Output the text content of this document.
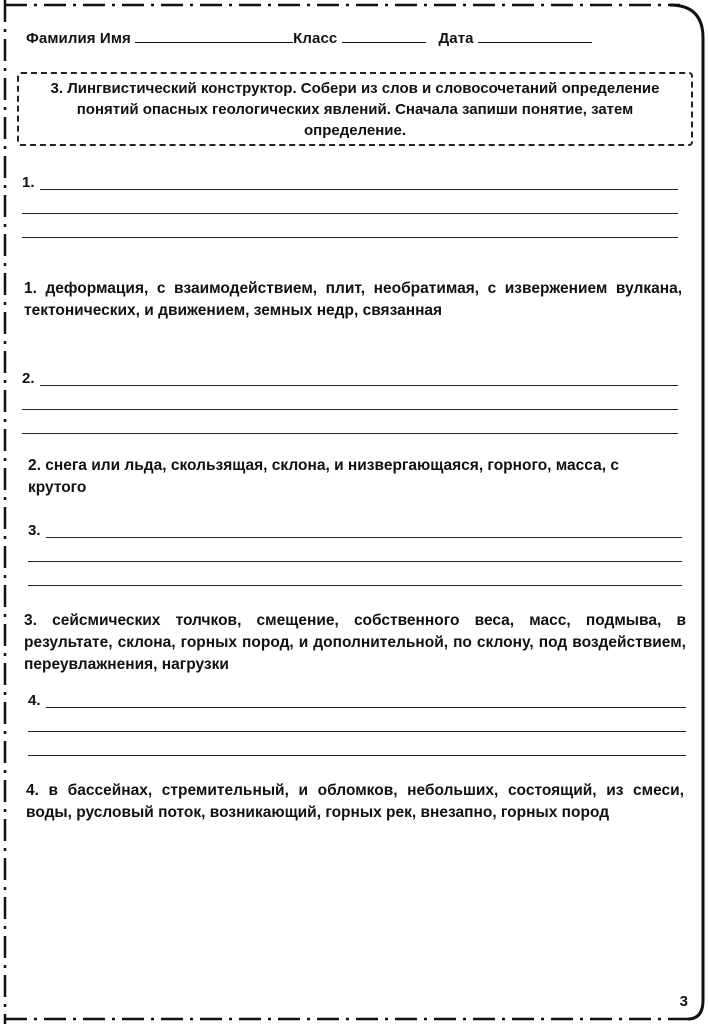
Фамилия Имя	Класс	Дата
3. Лингвистический конструктор. Собери из слов и словосочетаний определение понятий опасных геологических явлений. Сначала запиши понятие, затем определение.
1.
1. деформация, с взаимодействием, плит, необратимая, с извержением вулкана, тектонических, и движением, земных недр, связанная
2.
2. снега или льда, скользящая, склона, и низвергающаяся, горного, масса, с крутого
3.
3. сейсмических толчков, смещение, собственного веса, масс, подмыва, в результате, склона, горных пород, и дополнительной, по склону, под воздействием, переувлажнения, нагрузки
4.
4. в бассейнах, стремительный, и обломков, небольших, состоящий, из смеси, воды, русловый поток, возникающий, горных рек, внезапно, горных пород
3
